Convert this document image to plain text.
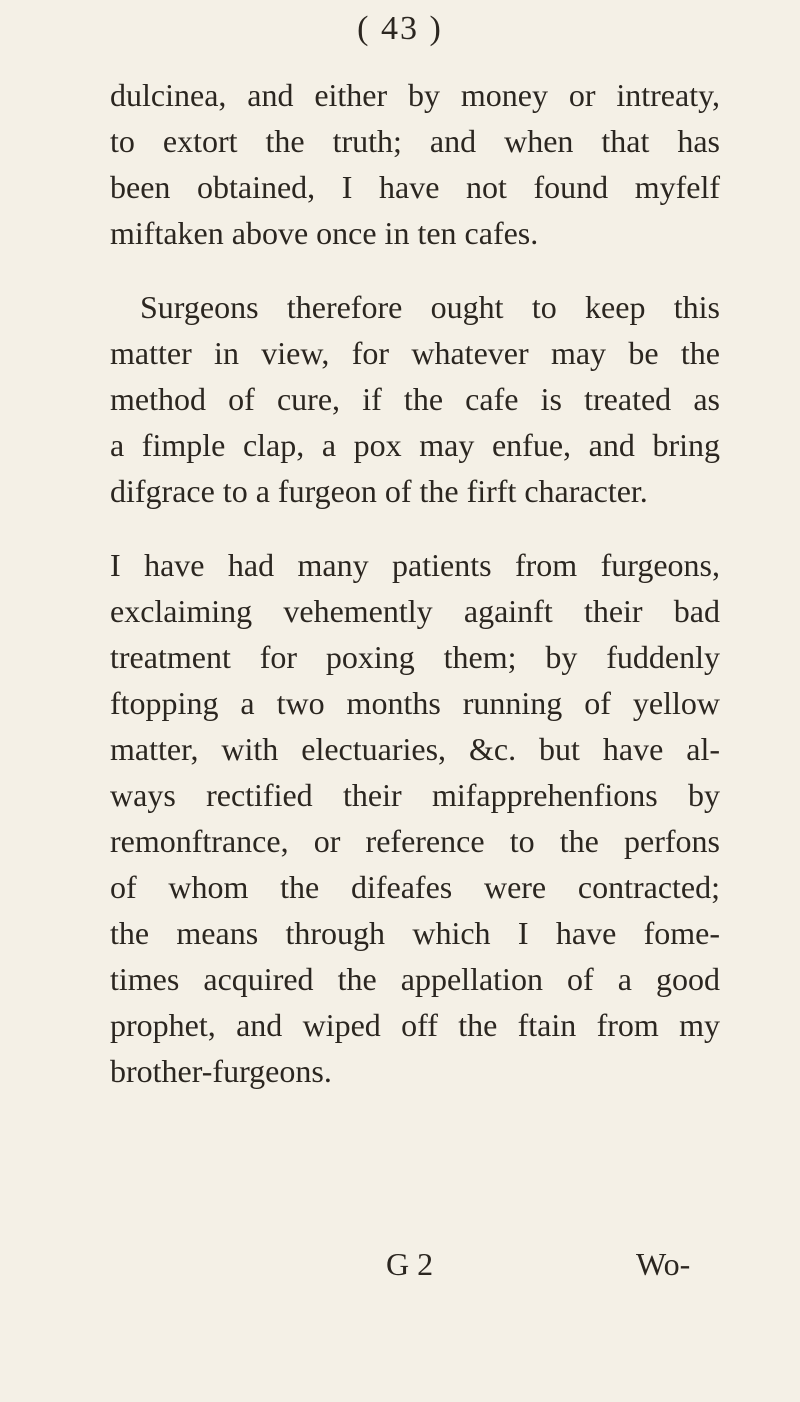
( 43 )
dulcinea, and either by money or intreaty,
to extort the truth; and when that has
been obtained, I have not found myfelf
miftaken above once in ten cafes.
Surgeons therefore ought to keep this
matter in view, for whatever may be the
method of cure, if the cafe is treated as
a fimple clap, a pox may enfue, and bring
difgrace to a furgeon of the firft character.
I have had many patients from furgeons,
exclaiming vehemently againft their bad
treatment for poxing them; by fuddenly
ftopping a two months running of yellow
matter, with electuaries, &c. but have al-
ways rectified their mifapprehenfions by
remonftrance, or reference to the perfons
of whom the difeafes were contracted;
the means through which I have fome-
times acquired the appellation of a good
prophet, and wiped off the ftain from my
brother-furgeons.
G 2	Wo-
